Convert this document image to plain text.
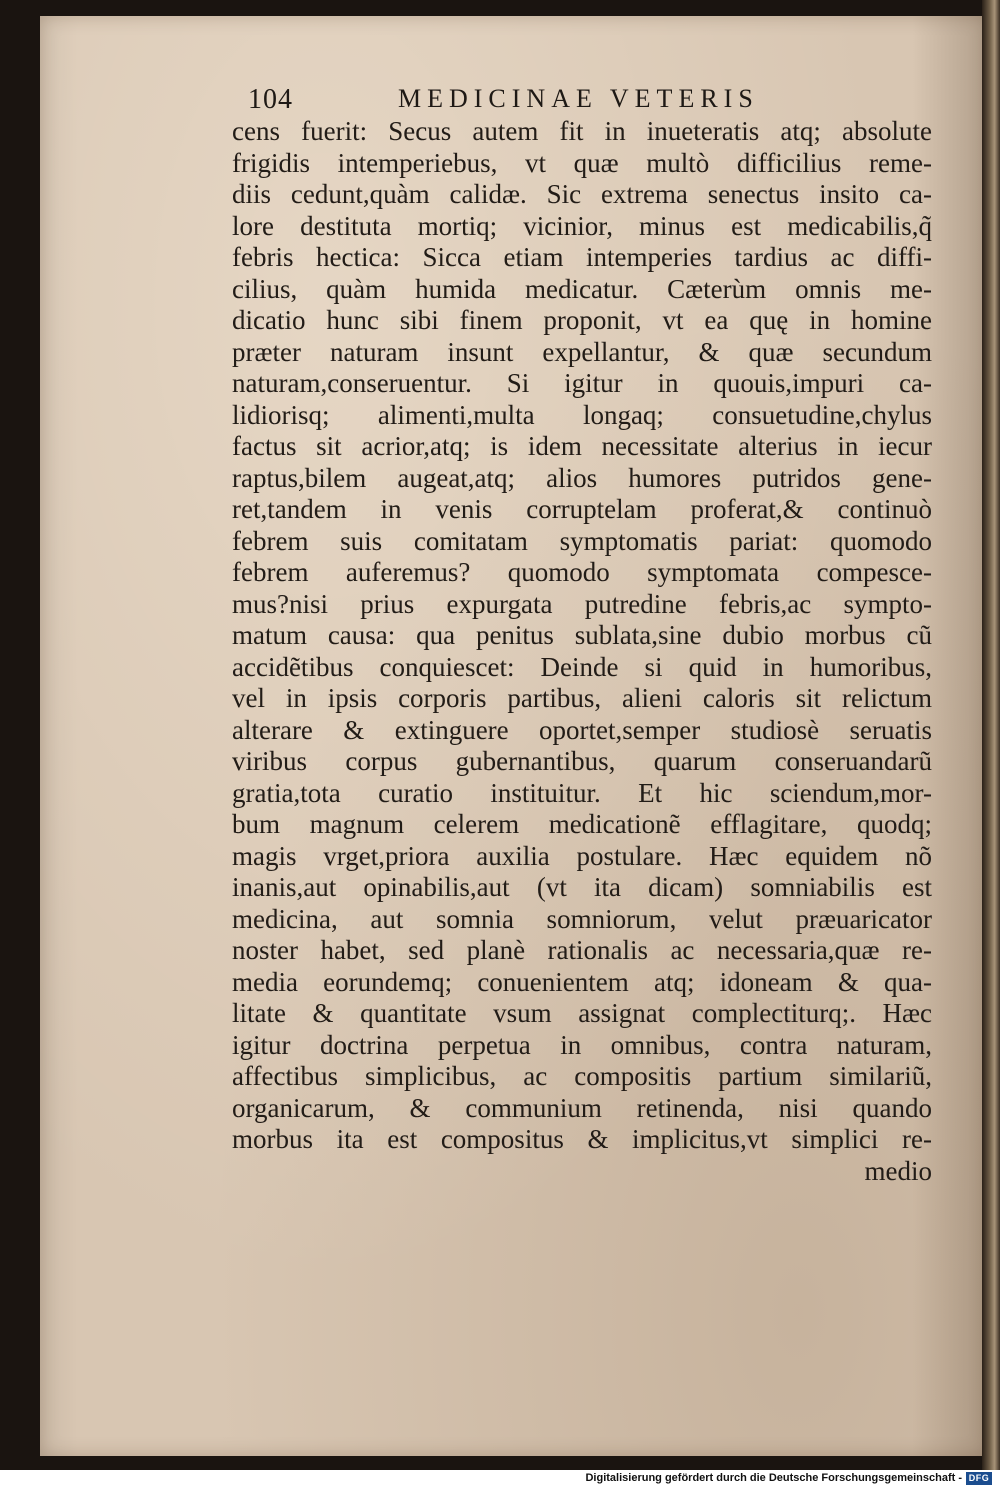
104	MEDICINAE VETERIS
cens fuerit: Secus autem fit in inueteratis atq; absolute
frigidis intemperiebus, vt quæ multò difficilius reme-
diis cedunt,quàm calidæ. Sic extrema senectus insito ca-
lore destituta mortiq; vicinior, minus est medicabilis,q̃
febris hectica: Sicca etiam intemperies tardius ac diffi-
cilius, quàm humida medicatur. Cæterùm omnis me-
dicatio hunc sibi finem proponit, vt ea quę in homine
præter naturam insunt expellantur, & quæ secundum
naturam,conseruentur. Si igitur in quouis,impuri ca-
lidiorisq; alimenti,multa longaq; consuetudine,chylus
factus sit acrior,atq; is idem necessitate alterius in iecur
raptus,bilem augeat,atq; alios humores putridos gene-
ret,tandem in venis corruptelam proferat,& continuò
febrem suis comitatam symptomatis pariat: quomodo
febrem auferemus? quomodo symptomata compesce-
mus?nisi prius expurgata putredine febris,ac sympto-
matum causa: qua penitus sublata,sine dubio morbus cũ
accidẽtibus conquiescet: Deinde si quid in humoribus,
vel in ipsis corporis partibus, alieni caloris sit relictum
alterare & extinguere oportet,semper studiosè seruatis
viribus corpus gubernantibus, quarum conseruandarũ
gratia,tota curatio instituitur. Et hic sciendum,mor-
bum magnum celerem medicationẽ efflagitare, quodq;
magis vrget,priora auxilia postulare. Hæc equidem nõ
inanis,aut opinabilis,aut (vt ita dicam) somniabilis est
medicina, aut somnia somniorum, velut præuaricator
noster habet, sed planè rationalis ac necessaria,quæ re-
media eorundemq; conuenientem atq; idoneam & qua-
litate & quantitate vsum assignat complectiturq;. Hæc
igitur doctrina perpetua in omnibus, contra naturam,
affectibus simplicibus, ac compositis partium similariũ,
organicarum, & communium retinenda, nisi quando
morbus ita est compositus & implicitus,vt simplici re-
medio
Digitalisierung gefördert durch die Deutsche Forschungsgemeinschaft - DFG
